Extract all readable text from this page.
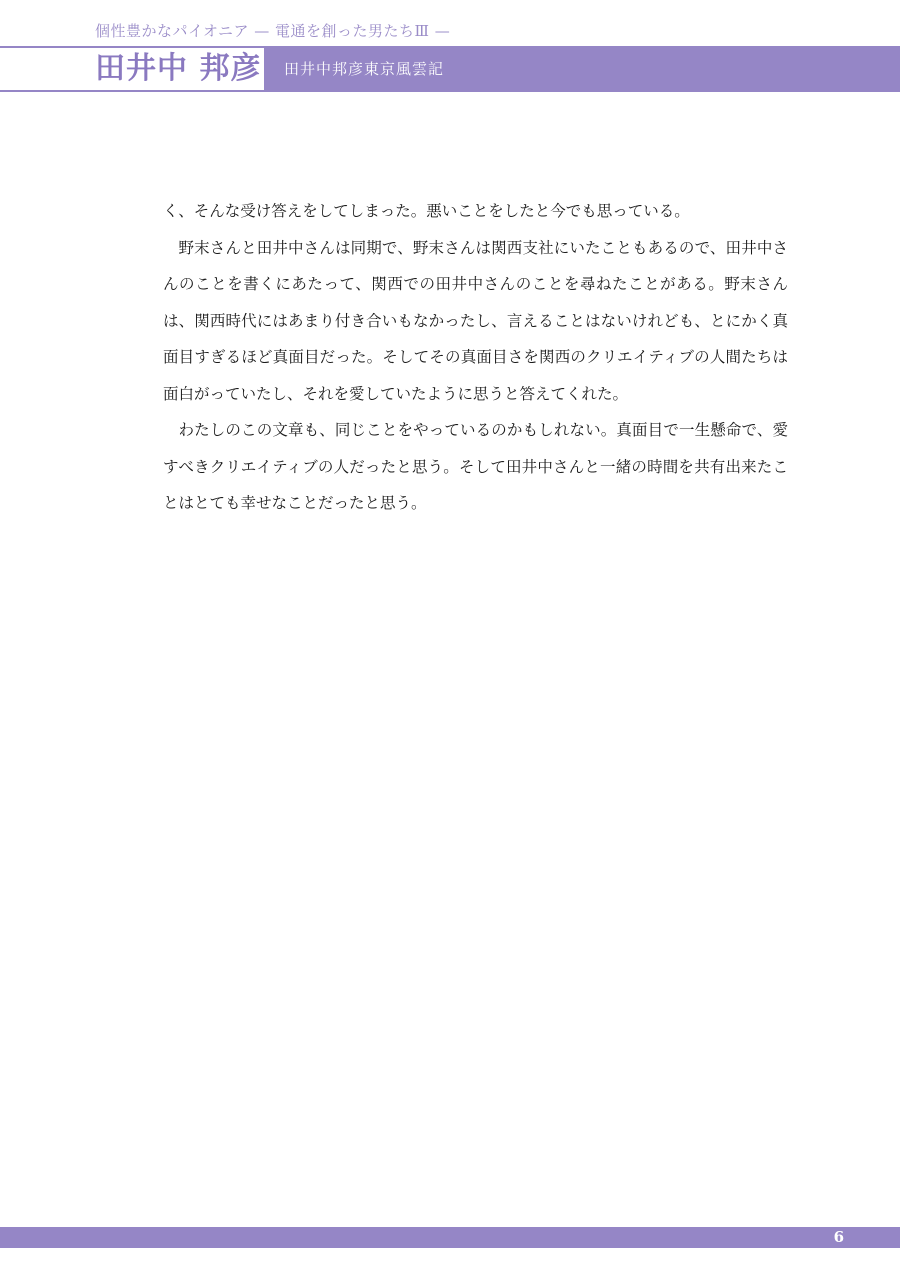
個性豊かなパイオニア — 電通を創った男たちⅢ —
田井中 邦彦 田井中邦彦東京風雲記

く、そんな受け答えをしてしまった。悪いことをしたと今でも思っている。

野末さんと田井中さんは同期で、野末さんは関西支社にいたこともあるので、田井中さんのことを書くにあたって、関西での田井中さんのことを尋ねたことがある。野末さんは、関西時代にはあまり付き合いもなかったし、言えることはないけれども、とにかく真面目すぎるほど真面目だった。そしてその真面目さを関西のクリエイティブの人間たちは面白がっていたし、それを愛していたように思うと答えてくれた。

わたしのこの文章も、同じことをやっているのかもしれない。真面目で一生懸命で、愛すべきクリエイティブの人だったと思う。そして田井中さんと一緒の時間を共有出来たことはとても幸せなことだったと思う。

6
